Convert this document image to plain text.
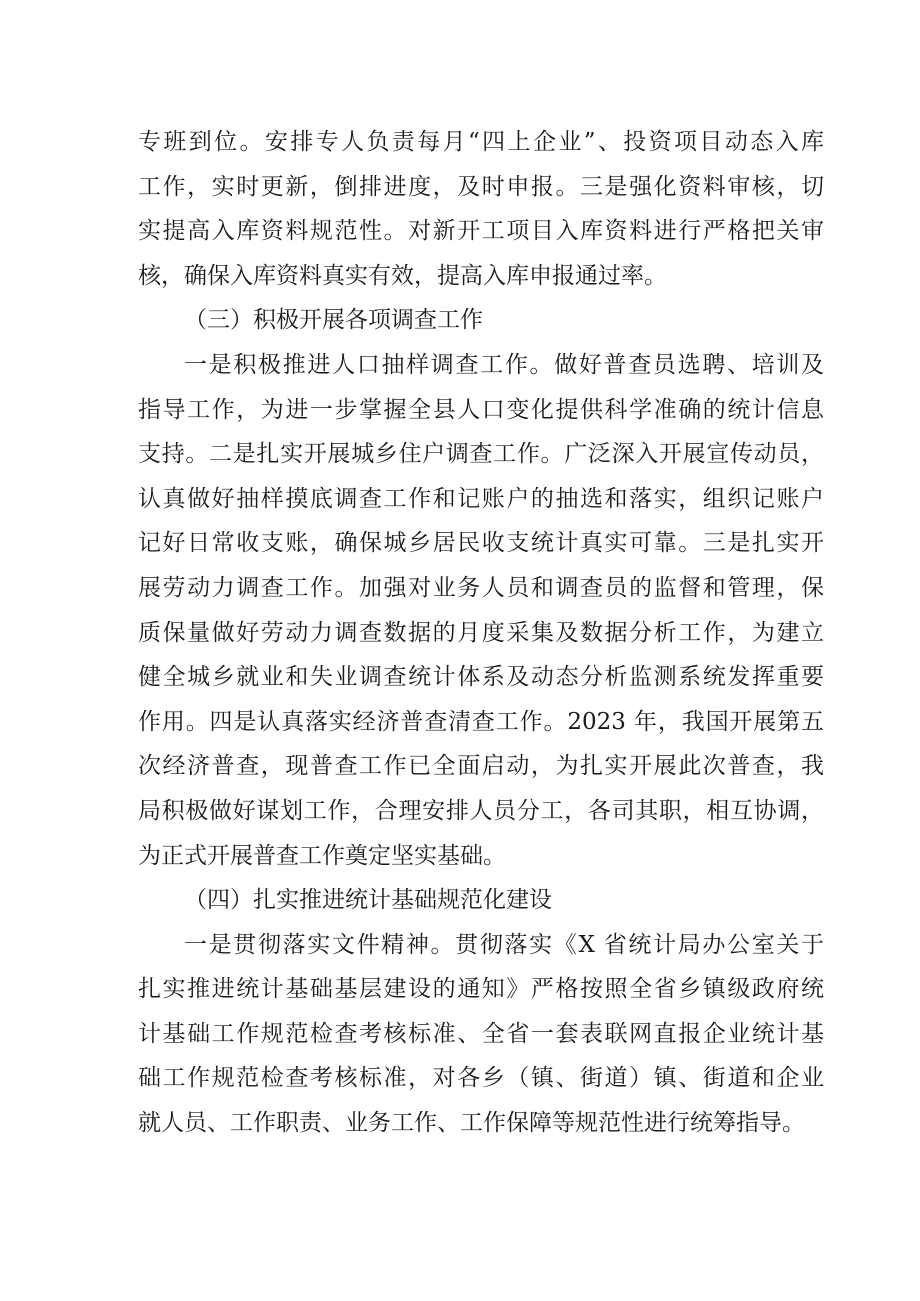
专班到位。安排专人负责每月“四上企业”、投资项目动态入库
工作，实时更新，倒排进度，及时申报。三是强化资料审核，切
实提高入库资料规范性。对新开工项目入库资料进行严格把关审
核，确保入库资料真实有效，提高入库申报通过率。
（三）积极开展各项调查工作
一是积极推进人口抽样调查工作。做好普查员选聘、培训及
指导工作，为进一步掌握全县人口变化提供科学准确的统计信息
支持。二是扎实开展城乡住户调查工作。广泛深入开展宣传动员，
认真做好抽样摸底调查工作和记账户的抽选和落实，组织记账户
记好日常收支账，确保城乡居民收支统计真实可靠。三是扎实开
展劳动力调查工作。加强对业务人员和调查员的监督和管理，保
质保量做好劳动力调查数据的月度采集及数据分析工作，为建立
健全城乡就业和失业调查统计体系及动态分析监测系统发挥重要
作用。四是认真落实经济普查清查工作。2023 年，我国开展第五
次经济普查，现普查工作已全面启动，为扎实开展此次普查，我
局积极做好谋划工作，合理安排人员分工，各司其职，相互协调，
为正式开展普查工作奠定坚实基础。
（四）扎实推进统计基础规范化建设
一是贯彻落实文件精神。贯彻落实《X 省统计局办公室关于
扎实推进统计基础基层建设的通知》严格按照全省乡镇级政府统
计基础工作规范检查考核标准、全省一套表联网直报企业统计基
础工作规范检查考核标准，对各乡（镇、街道）镇、街道和企业
就人员、工作职责、业务工作、工作保障等规范性进行统筹指导。
